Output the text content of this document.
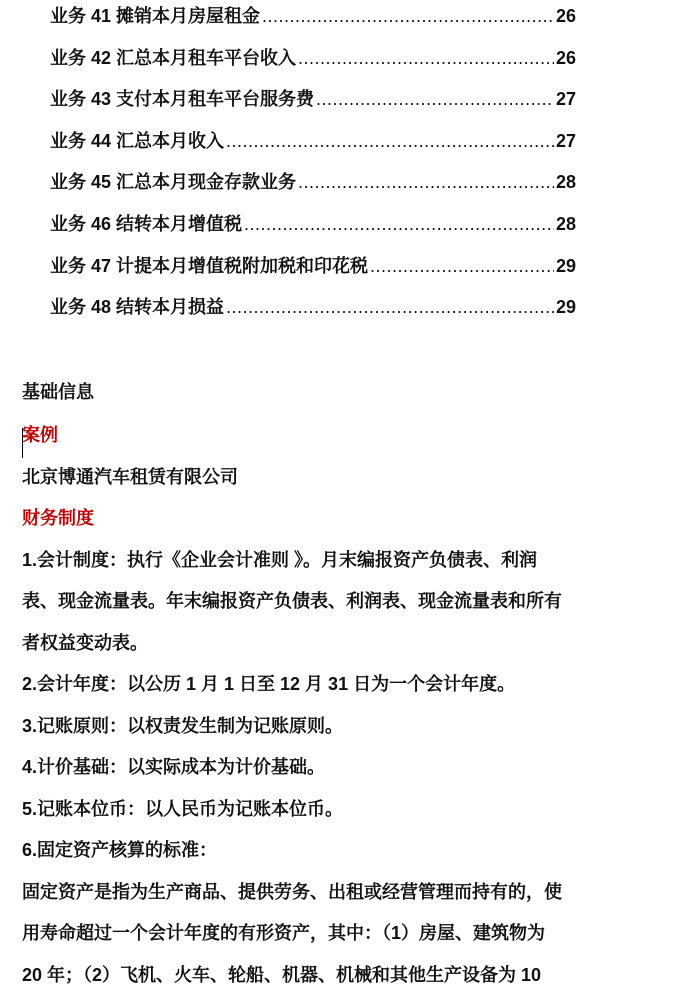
业务 41 摊销本月房屋租金 .....	26
业务 42 汇总本月租车平台收入 .....	26
业务 43 支付本月租车平台服务费 .....	27
业务 44 汇总本月收入 .....	27
业务 45 汇总本月现金存款业务 .....	28
业务 46 结转本月增值税 .....	28
业务 47 计提本月增值税附加税和印花税 .....	29
业务 48 结转本月损益 .....	29
基础信息
案例
北京博通汽车租赁有限公司
财务制度
1.会计制度：执行《企业会计准则 》。月末编报资产负债表、利润
表、现金流量表。年末编报资产负债表、利润表、现金流量表和所有
者权益变动表。
2.会计年度：以公历 1 月 1 日至 12 月 31 日为一个会计年度。
3.记账原则：以权责发生制为记账原则。
4.计价基础：以实际成本为计价基础。
5.记账本位币：以人民币为记账本位币。
6.固定资产核算的标准：
固定资产是指为生产商品、提供劳务、出租或经营管理而持有的，使
用寿命超过一个会计年度的有形资产，其中：（1）房屋、建筑物为
20 年；（2）飞机、火车、轮船、机器、机械和其他生产设备为 10
